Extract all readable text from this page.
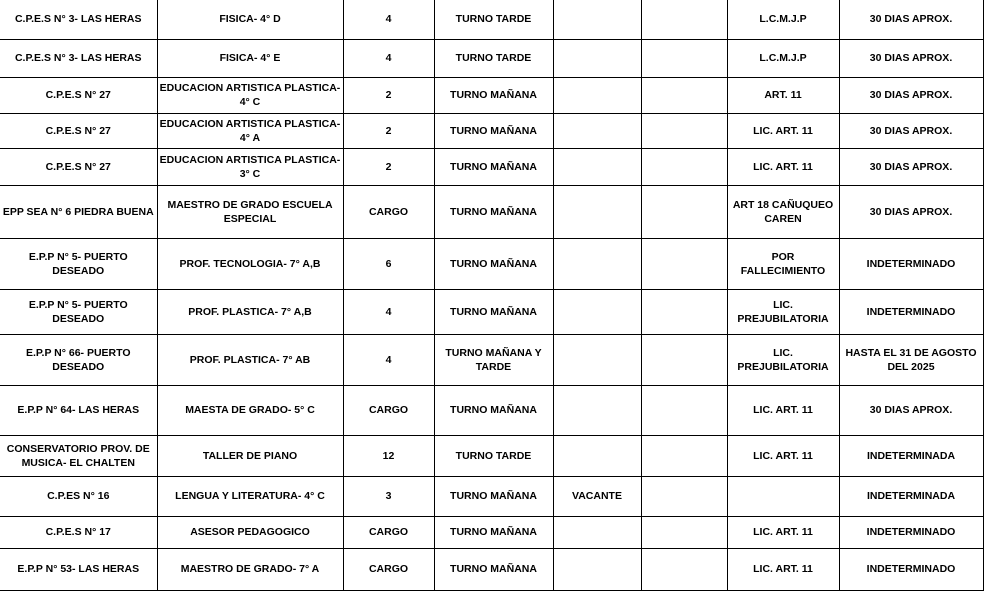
C.P.E.S N° 3- LAS HERAS	FISICA- 4° D	4	TURNO TARDE			L.C.M.J.P	30 DIAS APROX.
C.P.E.S N° 3- LAS HERAS	FISICA- 4° E	4	TURNO TARDE			L.C.M.J.P	30 DIAS APROX.
C.P.E.S N° 27	EDUCACION ARTISTICA PLASTICA- 4° C	2	TURNO MAÑANA			ART. 11	30 DIAS APROX.
C.P.E.S N° 27	EDUCACION ARTISTICA PLASTICA- 4° A	2	TURNO MAÑANA			LIC. ART. 11	30 DIAS APROX.
C.P.E.S N° 27	EDUCACION ARTISTICA PLASTICA- 3° C	2	TURNO MAÑANA			LIC. ART. 11	30 DIAS APROX.
EPP SEA N° 6 PIEDRA BUENA	MAESTRO DE GRADO ESCUELA ESPECIAL	CARGO	TURNO MAÑANA			ART 18 CAÑUQUEO CAREN	30 DIAS APROX.
E.P.P N° 5- PUERTO DESEADO	PROF. TECNOLOGIA- 7° A,B	6	TURNO MAÑANA			POR FALLECIMIENTO	INDETERMINADO
E.P.P N° 5- PUERTO DESEADO	PROF. PLASTICA- 7° A,B	4	TURNO MAÑANA			LIC. PREJUBILATORIA	INDETERMINADO
E.P.P N° 66- PUERTO DESEADO	PROF. PLASTICA- 7° AB	4	TURNO MAÑANA Y TARDE			LIC. PREJUBILATORIA	HASTA EL 31 DE AGOSTO DEL 2025
E.P.P N° 64- LAS HERAS	MAESTA DE GRADO- 5° C	CARGO	TURNO MAÑANA			LIC. ART. 11	30 DIAS APROX.
CONSERVATORIO PROV. DE MUSICA- EL CHALTEN	TALLER DE PIANO	12	TURNO TARDE			LIC. ART. 11	INDETERMINADA
C.P.ES N° 16	LENGUA Y LITERATURA- 4° C	3	TURNO MAÑANA	VACANTE			INDETERMINADA
C.P.E.S N° 17	ASESOR PEDAGOGICO	CARGO	TURNO MAÑANA			LIC. ART. 11	INDETERMINADO
E.P.P N° 53- LAS HERAS	MAESTRO DE GRADO- 7° A	CARGO	TURNO MAÑANA			LIC. ART. 11	INDETERMINADO
